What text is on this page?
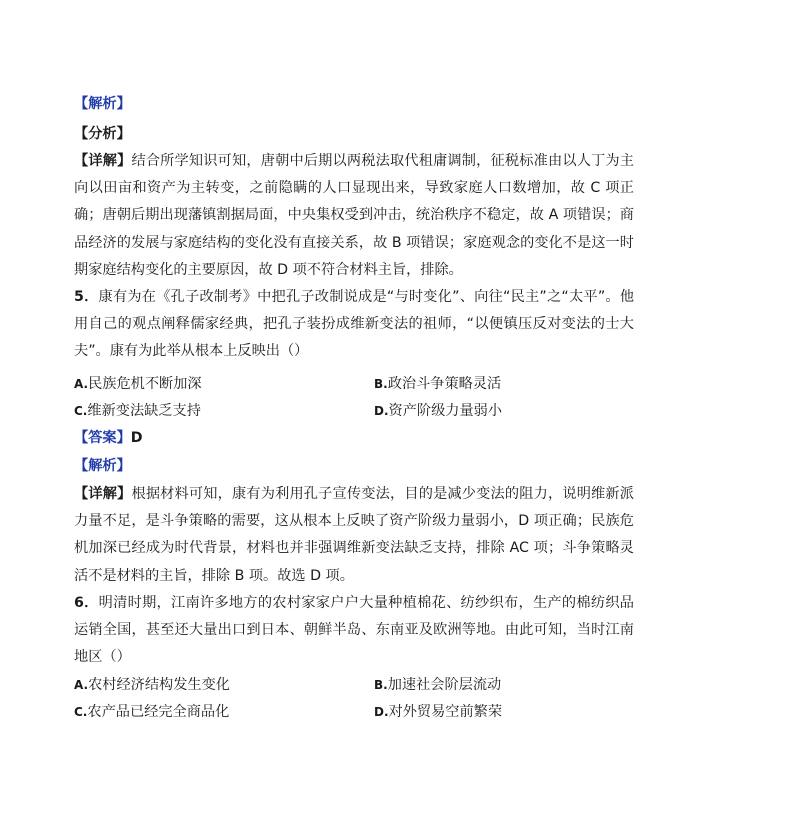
【解析】
【分析】
【详解】结合所学知识可知，唐朝中后期以两税法取代租庸调制，征税标准由以人丁为主向以田亩和资产为主转变，之前隐瞒的人口显现出来，导致家庭人口数增加，故 C 项正确；唐朝后期出现藩镇割据局面，中央集权受到冲击，统治秩序不稳定，故 A 项错误；商品经济的发展与家庭结构的变化没有直接关系，故 B 项错误；家庭观念的变化不是这一时期家庭结构变化的主要原因，故 D 项不符合材料主旨，排除。
5．康有为在《孔子改制考》中把孔子改制说成是“与时变化”、向往“民主”之“太平”。他用自己的观点阐释儒家经典，把孔子装扮成维新变法的祖师，“以便镇压反对变法的士大夫”。康有为此举从根本上反映出（）
A.民族危机不断加深	B.政治斗争策略灵活
C.维新变法缺乏支持	D.资产阶级力量弱小
【答案】D
【解析】
【详解】根据材料可知，康有为利用孔子宣传变法，目的是减少变法的阻力，说明维新派力量不足，是斗争策略的需要，这从根本上反映了资产阶级力量弱小，D 项正确；民族危机加深已经成为时代背景，材料也并非强调维新变法缺乏支持，排除 AC 项；斗争策略灵活不是材料的主旨，排除 B 项。故选 D 项。
6．明清时期，江南许多地方的农村家家户户大量种植棉花、纺纱织布，生产的棉纺织品运销全国，甚至还大量出口到日本、朝鲜半岛、东南亚及欧洲等地。由此可知，当时江南地区（）
A.农村经济结构发生变化	B.加速社会阶层流动
C.农产品已经完全商品化	D.对外贸易空前繁荣
